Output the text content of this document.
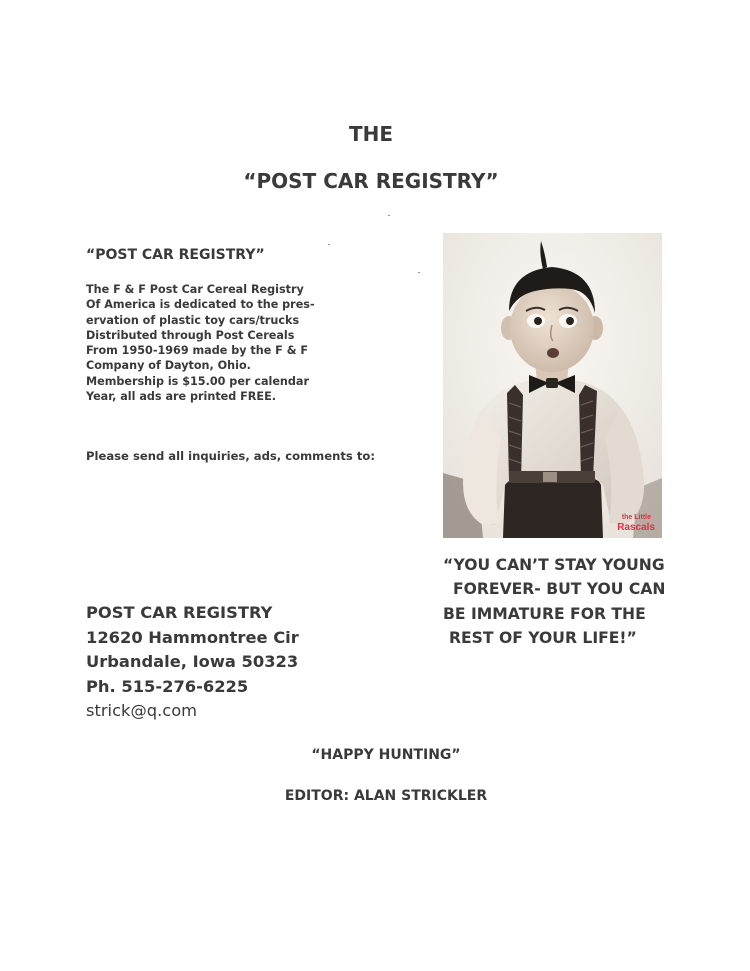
THE
“POST CAR REGISTRY”
“POST CAR REGISTRY”
The F & F Post Car Cereal Registry
Of America is dedicated to the pres-
ervation of plastic toy cars/trucks
Distributed through Post Cereals
From 1950-1969 made by the F & F
Company of Dayton, Ohio.
Membership is $15.00 per calendar
Year, all ads are printed FREE.
Please send all inquiries, ads, comments to:
POST CAR REGISTRY
12620 Hammontree Cir
Urbandale, Iowa 50323
Ph. 515-276-6225
strick@q.com
the Little
Rascals
“YOU CAN’T STAY YOUNG
FOREVER- BUT YOU CAN
BE IMMATURE FOR THE
REST OF YOUR LIFE!”
“HAPPY HUNTING”
EDITOR: ALAN STRICKLER
